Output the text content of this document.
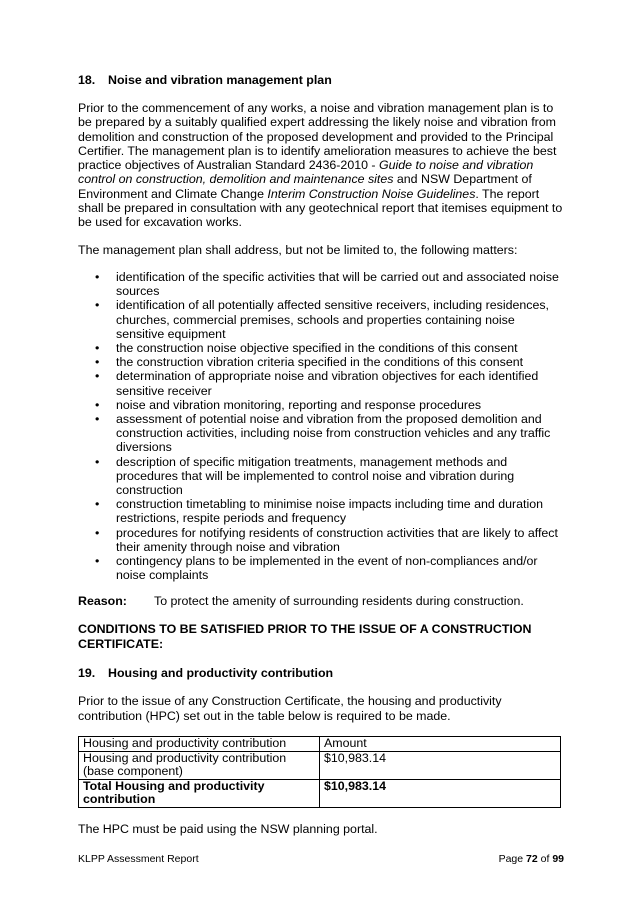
18. Noise and vibration management plan

Prior to the commencement of any works, a noise and vibration management plan is to be prepared by a suitably qualified expert addressing the likely noise and vibration from demolition and construction of the proposed development and provided to the Principal Certifier. The management plan is to identify amelioration measures to achieve the best practice objectives of Australian Standard 2436-2010 - Guide to noise and vibration control on construction, demolition and maintenance sites and NSW Department of Environment and Climate Change Interim Construction Noise Guidelines. The report shall be prepared in consultation with any geotechnical report that itemises equipment to be used for excavation works.

The management plan shall address, but not be limited to, the following matters:

• identification of the specific activities that will be carried out and associated noise sources
• identification of all potentially affected sensitive receivers, including residences, churches, commercial premises, schools and properties containing noise sensitive equipment
• the construction noise objective specified in the conditions of this consent
• the construction vibration criteria specified in the conditions of this consent
• determination of appropriate noise and vibration objectives for each identified sensitive receiver
• noise and vibration monitoring, reporting and response procedures
• assessment of potential noise and vibration from the proposed demolition and construction activities, including noise from construction vehicles and any traffic diversions
• description of specific mitigation treatments, management methods and procedures that will be implemented to control noise and vibration during construction
• construction timetabling to minimise noise impacts including time and duration restrictions, respite periods and frequency
• procedures for notifying residents of construction activities that are likely to affect their amenity through noise and vibration
• contingency plans to be implemented in the event of non-compliances and/or noise complaints
Reason: To protect the amenity of surrounding residents during construction.
CONDITIONS TO BE SATISFIED PRIOR TO THE ISSUE OF A CONSTRUCTION CERTIFICATE:
19. Housing and productivity contribution

Prior to the issue of any Construction Certificate, the housing and productivity contribution (HPC) set out in the table below is required to be made.

Housing and productivity contribution	Amount
Housing and productivity contribution (base component)	$10,983.14
Total Housing and productivity contribution	$10,983.14

The HPC must be paid using the NSW planning portal.

KLPP Assessment Report	Page 72 of 99
